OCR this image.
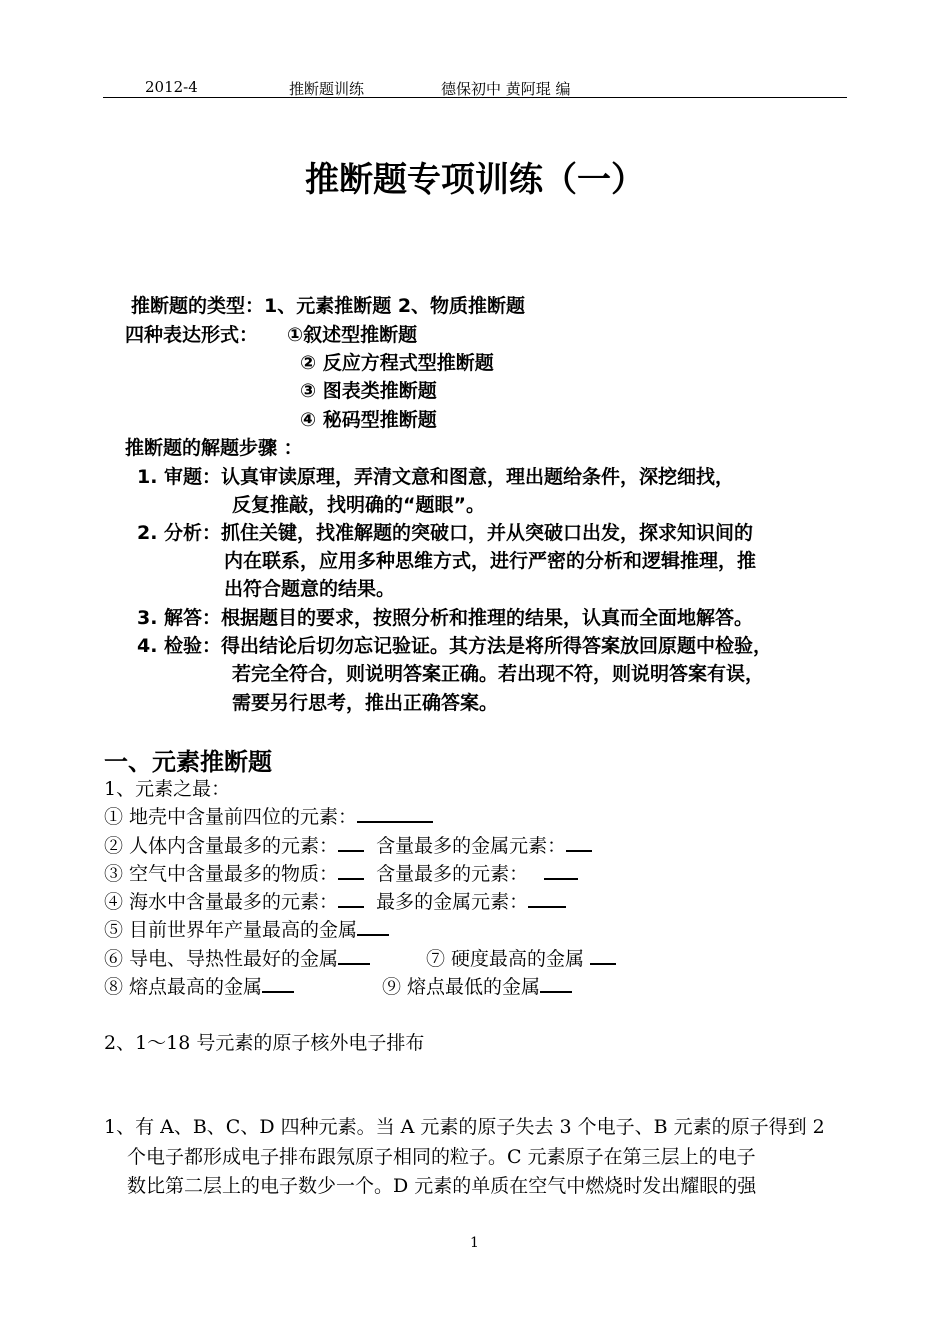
2012-4	推断题训练	德保初中 黄阿琨 编
推断题专项训练（一）
推断题的类型：1、元素推断题 2、物质推断题
四种表达形式： ①叙述型推断题
② 反应方程式型推断题
③ 图表类推断题
④ 秘码型推断题
推断题的解题步骤 ：
1. 审题：认真审读原理，弄清文意和图意，理出题给条件，深挖细找，
反复推敲，找明确的“题眼”。
2. 分析：抓住关键，找准解题的突破口，并从突破口出发，探求知识间的
内在联系，应用多种思维方式，进行严密的分析和逻辑推理，推
出符合题意的结果。
3. 解答：根据题目的要求，按照分析和推理的结果，认真而全面地解答。
4. 检验：得出结论后切勿忘记验证。其方法是将所得答案放回原题中检验，
若完全符合，则说明答案正确。若出现不符，则说明答案有误，
需要另行思考，推出正确答案。
一、元素推断题
1、元素之最：
① 地壳中含量前四位的元素：
② 人体内含量最多的元素： 含量最多的金属元素：
③ 空气中含量最多的物质： 含量最多的元素：
④ 海水中含量最多的元素： 最多的金属元素：
⑤ 目前世界年产量最高的金属
⑥ 导电、导热性最好的金属	⑦ 硬度最高的金属
⑧ 熔点最高的金属	⑨ 熔点最低的金属
2、1～18 号元素的原子核外电子排布
1、有 A、B、C、D 四种元素。当 A 元素的原子失去 3 个电子、B 元素的原子得到 2
个电子都形成电子排布跟氖原子相同的粒子。C 元素原子在第三层上的电子
数比第二层上的电子数少一个。D 元素的单质在空气中燃烧时发出耀眼的强
1
